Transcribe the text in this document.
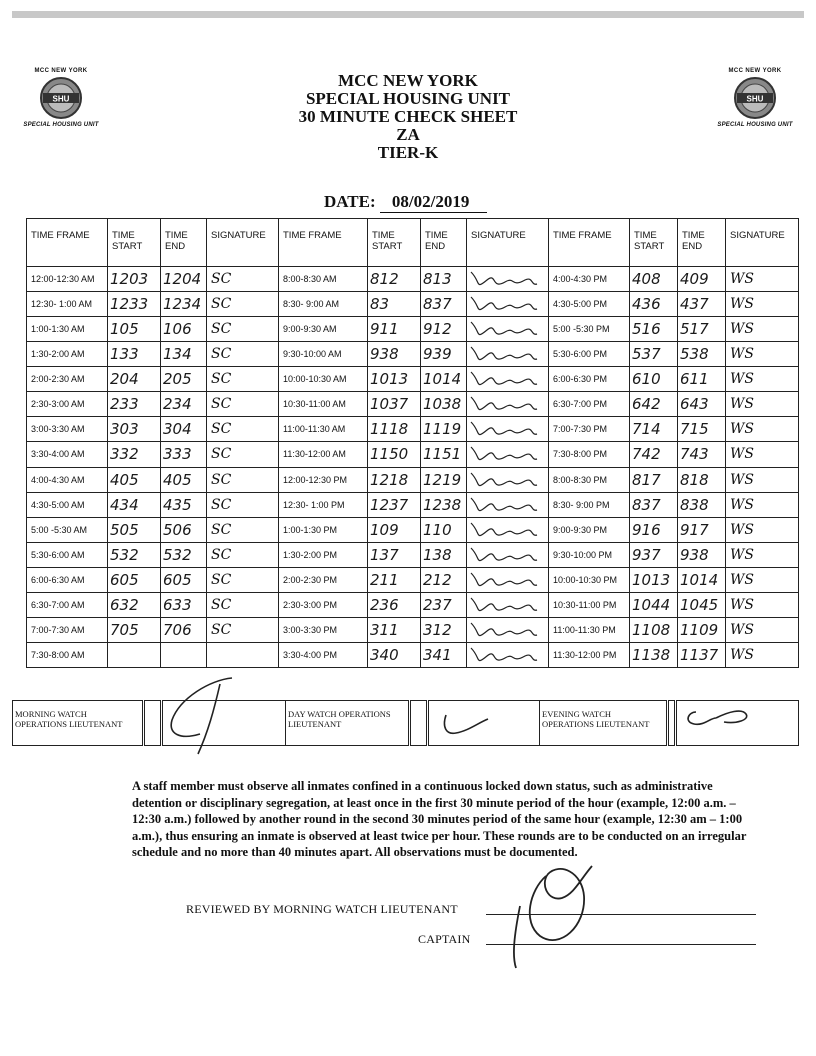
MCC NEW YORK
SHU
SPECIAL HOUSING UNIT
MCC NEW YORK
SHU
SPECIAL HOUSING UNIT
MCC NEW YORK
SPECIAL HOUSING UNIT
30 MINUTE CHECK SHEET
ZA
TIER-K
DATE: 08/02/2019
TIME FRAME	TIME START	TIME END	SIGNATURE	TIME FRAME	TIME START	TIME END	SIGNATURE	TIME FRAME	TIME START	TIME END	SIGNATURE
12:00-12:30 AM	1203	1204	SC	8:00-8:30 AM	812	813		4:00-4:30 PM	408	409	WS
12:30- 1:00 AM	1233	1234	SC	8:30- 9:00 AM	83	837		4:30-5:00 PM	436	437	WS
1:00-1:30 AM	105	106	SC	9:00-9:30 AM	911	912		5:00 -5:30 PM	516	517	WS
1:30-2:00 AM	133	134	SC	9:30-10:00 AM	938	939		5:30-6:00 PM	537	538	WS
2:00-2:30 AM	204	205	SC	10:00-10:30 AM	1013	1014		6:00-6:30 PM	610	611	WS
2:30-3:00 AM	233	234	SC	10:30-11:00 AM	1037	1038		6:30-7:00 PM	642	643	WS
3:00-3:30 AM	303	304	SC	11:00-11:30 AM	1118	1119		7:00-7:30 PM	714	715	WS
3:30-4:00 AM	332	333	SC	11:30-12:00 AM	1150	1151		7:30-8:00 PM	742	743	WS
4:00-4:30 AM	405	405	SC	12:00-12:30 PM	1218	1219		8:00-8:30 PM	817	818	WS
4:30-5:00 AM	434	435	SC	12:30- 1:00 PM	1237	1238		8:30- 9:00 PM	837	838	WS
5:00 -5:30 AM	505	506	SC	1:00-1:30 PM	109	110		9:00-9:30 PM	916	917	WS
5:30-6:00 AM	532	532	SC	1:30-2:00 PM	137	138		9:30-10:00 PM	937	938	WS
6:00-6:30 AM	605	605	SC	2:00-2:30 PM	211	212		10:00-10:30 PM	1013	1014	WS
6:30-7:00 AM	632	633	SC	2:30-3:00 PM	236	237		10:30-11:00 PM	1044	1045	WS
7:00-7:30 AM	705	706	SC	3:00-3:30 PM	311	312		11:00-11:30 PM	1108	1109	WS
7:30-8:00 AM				3:30-4:00 PM	340	341		11:30-12:00 PM	1138	1137	WS
MORNING WATCH OPERATIONS LIEUTENANT			DAY WATCH OPERATIONS LIEUTENANT			EVENING WATCH OPERATIONS LIEUTENANT		
A staff member must observe all inmates confined in a continuous locked down status, such as administrative detention or disciplinary segregation, at least once in the first 30 minute period of the hour (example, 12:00 a.m. – 12:30 a.m.) followed by another round in the second 30 minutes period of the same hour (example, 12:30 am – 1:00 a.m.), thus ensuring an inmate is observed at least twice per hour. These rounds are to be conducted on an irregular schedule and no more than 40 minutes apart. All observations must be documented.
REVIEWED BY MORNING WATCH LIEUTENANT
CAPTAIN
